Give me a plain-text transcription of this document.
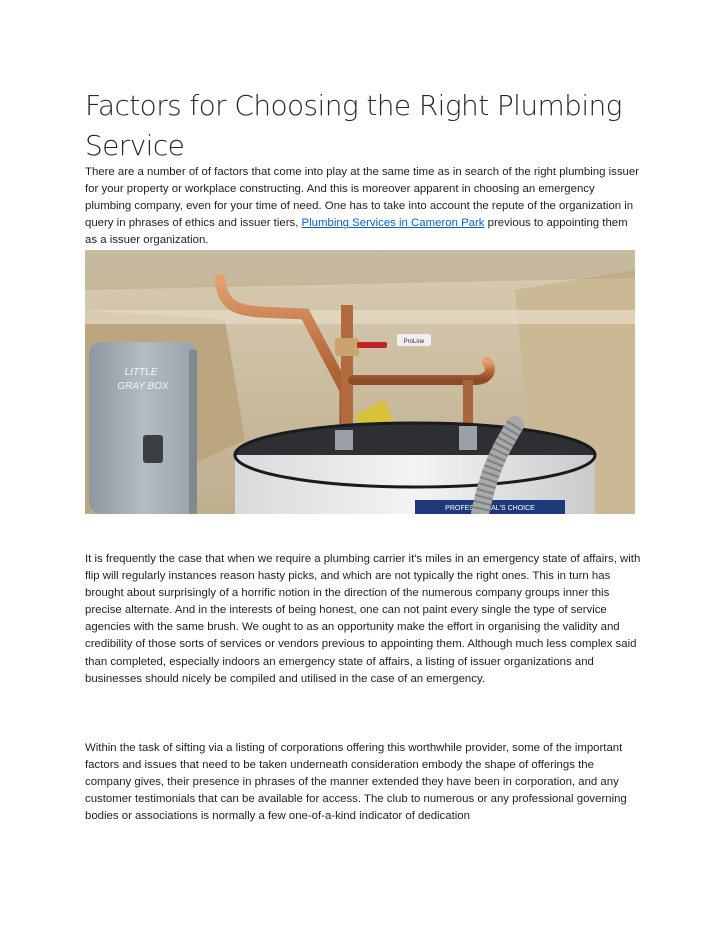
Factors for Choosing the Right Plumbing Service

There are a number of of factors that come into play at the same time as in search of the right plumbing issuer for your property or workplace constructing. And this is moreover apparent in choosing an emergency plumbing company, even for your time of need. One has to take into account the repute of the organization in query in phrases of ethics and issuer tiers, Plumbing Services in Cameron Park previous to appointing them as a issuer organization.

ProLine
PROFESSIONAL'S CHOICE
LITTLE
GRAY BOX

It is frequently the case that when we require a plumbing carrier it's miles in an emergency state of affairs, with flip will regularly instances reason hasty picks, and which are not typically the right ones. This in turn has brought about surprisingly of a horrific notion in the direction of the numerous company groups inner this precise alternate. And in the interests of being honest, one can not paint every single the type of service agencies with the same brush. We ought to as an opportunity make the effort in organising the validity and credibility of those sorts of services or vendors previous to appointing them. Although much less complex said than completed, especially indoors an emergency state of affairs, a listing of issuer organizations and businesses should nicely be compiled and utilised in the case of an emergency.

Within the task of sifting via a listing of corporations offering this worthwhile provider, some of the important factors and issues that need to be taken underneath consideration embody the shape of offerings the company gives, their presence in phrases of the manner extended they have been in corporation, and any customer testimonials that can be available for access. The club to numerous or any professional governing bodies or associations is normally a few one-of-a-kind indicator of dedication
